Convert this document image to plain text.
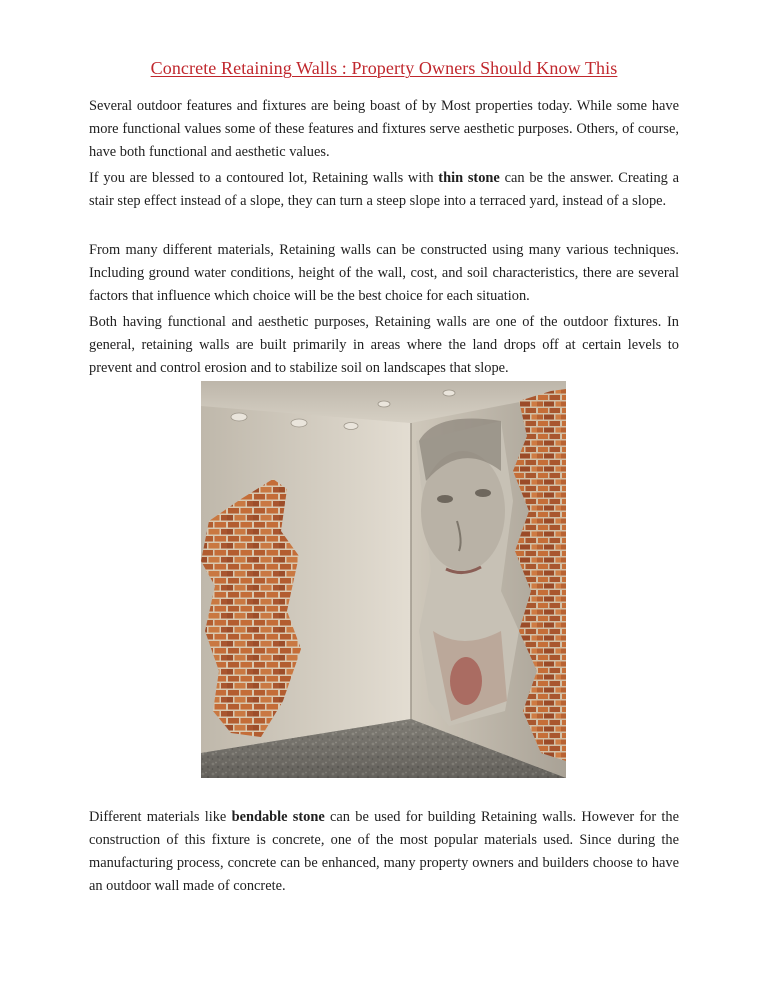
Concrete Retaining Walls : Property Owners Should Know This

Several outdoor features and fixtures are being boast of by Most properties today. While some have more functional values some of these features and fixtures serve aesthetic purposes. Others, of course, have both functional and aesthetic values.

If you are blessed to a contoured lot, Retaining walls with thin stone can be the answer. Creating a stair step effect instead of a slope, they can turn a steep slope into a terraced yard, instead of a slope.

From many different materials, Retaining walls can be constructed using many various techniques. Including ground water conditions, height of the wall, cost, and soil characteristics, there are several factors that influence which choice will be the best choice for each situation.

Both having functional and aesthetic purposes, Retaining walls are one of the outdoor fixtures. In general, retaining walls are built primarily in areas where the land drops off at certain levels to prevent and control erosion and to stabilize soil on landscapes that slope.

Different materials like bendable stone can be used for building Retaining walls. However for the construction of this fixture is concrete, one of the most popular materials used. Since during the manufacturing process, concrete can be enhanced, many property owners and builders choose to have an outdoor wall made of concrete.
